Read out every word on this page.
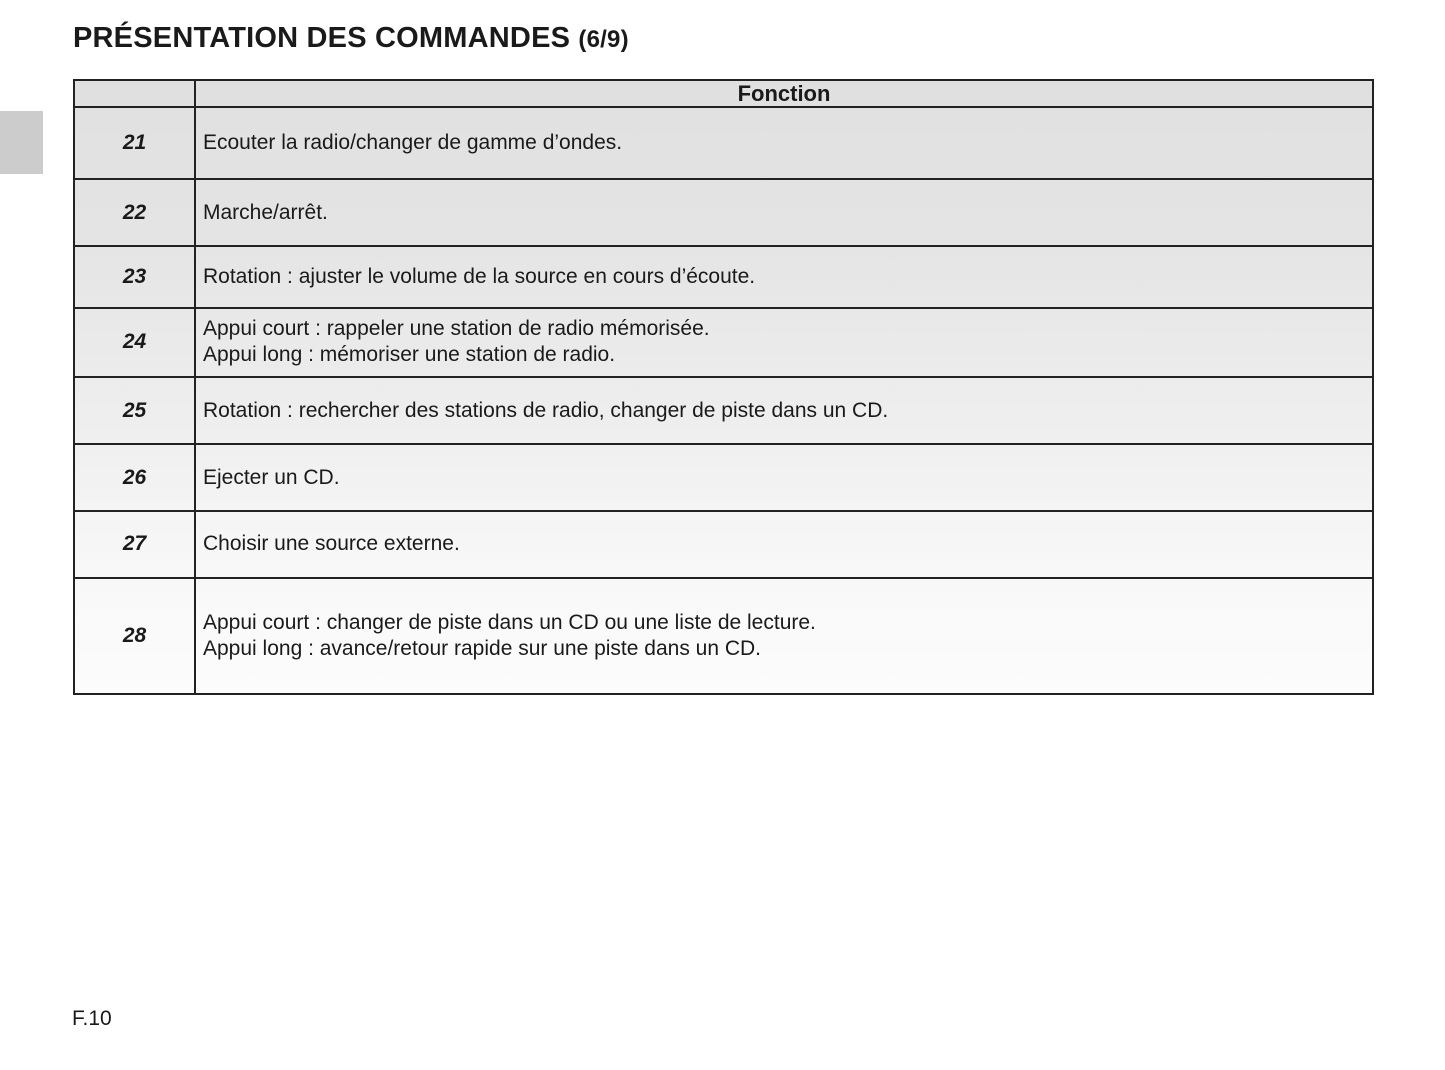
PRÉSENTATION DES COMMANDES (6/9)
	Fonction
21	Ecouter la radio/changer de gamme d’ondes.

22	Marche/arrêt.

23	Rotation : ajuster le volume de la source en cours d’écoute.

24	Appui court : rappeler une station de radio mémorisée.
Appui long : mémoriser une station de radio.

25	Rotation : rechercher des stations de radio, changer de piste dans un CD.

26	Ejecter un CD.

27	Choisir une source externe.

28	Appui court : changer de piste dans un CD ou une liste de lecture.
Appui long : avance/retour rapide sur une piste dans un CD.
F.10
